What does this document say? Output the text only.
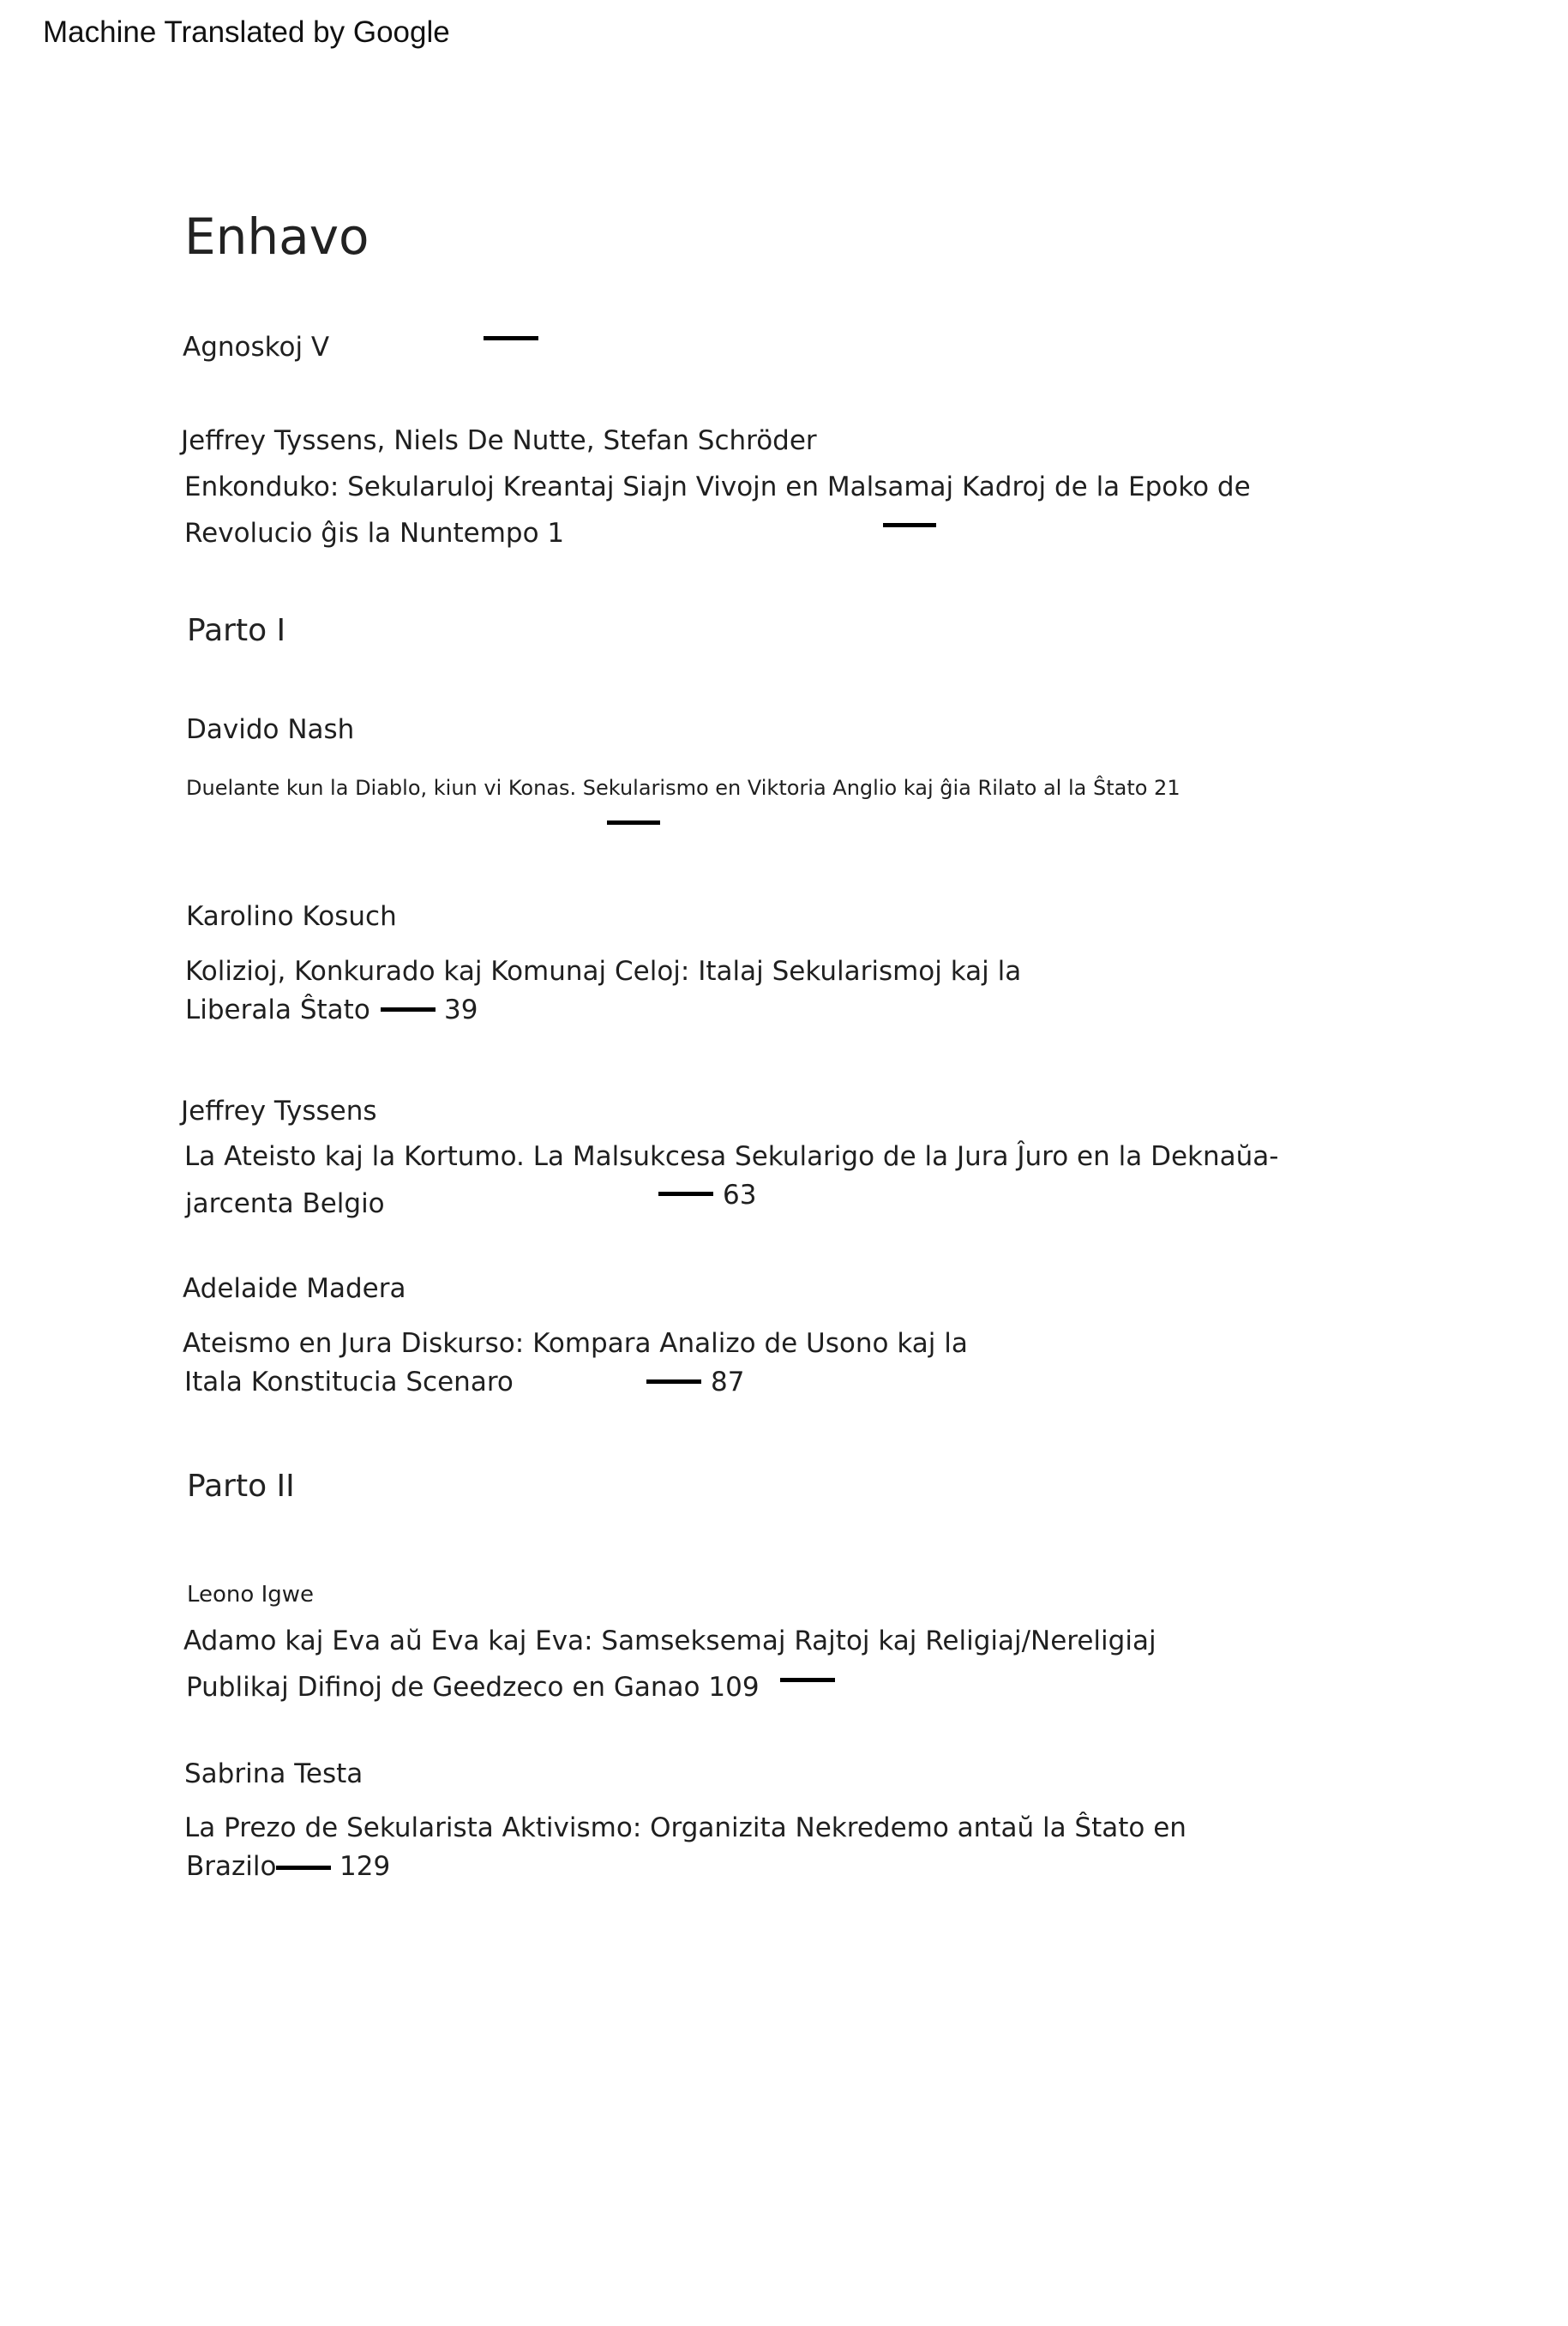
Machine Translated by Google
Enhavo
Agnoskoj V
Jeffrey Tyssens, Niels De Nutte, Stefan Schröder
Enkonduko: Sekularuloj Kreantaj Siajn Vivojn en Malsamaj Kadroj de la Epoko de
Revolucio ĝis la Nuntempo 1
Parto I
Davido Nash
Duelante kun la Diablo, kiun vi Konas. Sekularismo en Viktoria Anglio kaj ĝia Rilato al la Ŝtato 21
Karolino Kosuch
Kolizioj, Konkurado kaj Komunaj Celoj: Italaj Sekularismoj kaj la
Liberala Ŝtato	39
Jeffrey Tyssens
La Ateisto kaj la Kortumo. La Malsukcesa Sekularigo de la Jura Ĵuro en la Deknaŭa-
jarcenta Belgio	63
Adelaide Madera
Ateismo en Jura Diskurso: Kompara Analizo de Usono kaj la
Itala Konstitucia Scenaro	87
Parto II
Leono Igwe
Adamo kaj Eva aŭ Eva kaj Eva: Samseksemaj Rajtoj kaj Religiaj/Nereligiaj
Publikaj Difinoj de Geedzeco en Ganao 109
Sabrina Testa
La Prezo de Sekularista Aktivismo: Organizita Nekredemo antaŭ la Ŝtato en
Brazilo 129
